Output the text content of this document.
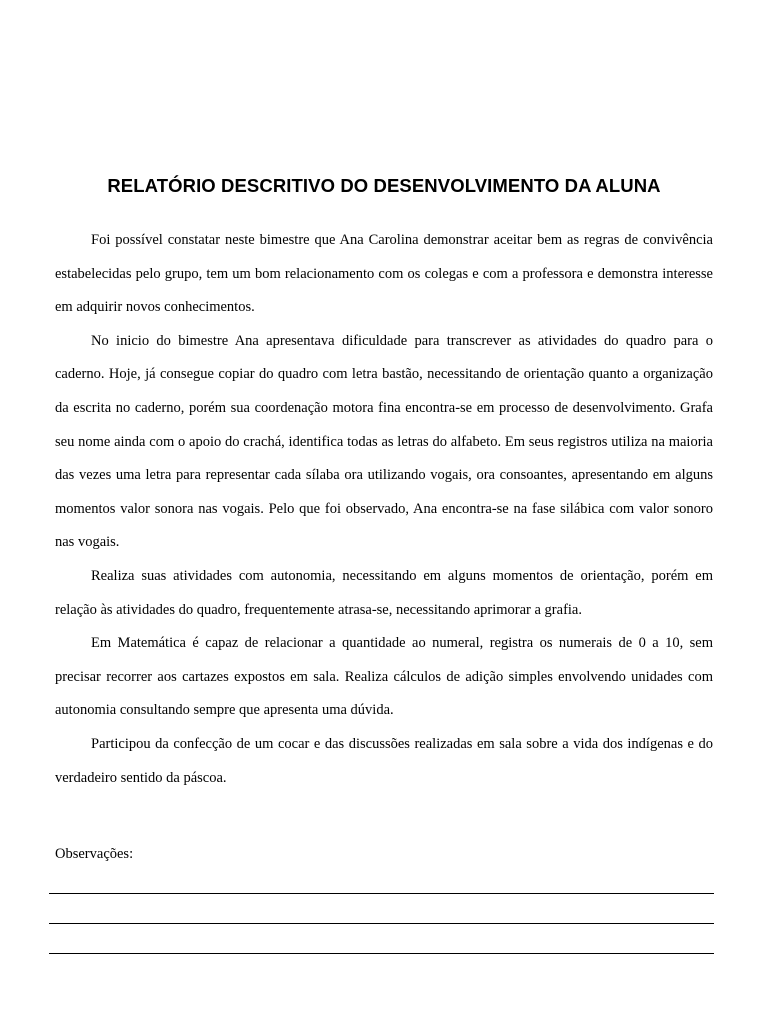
RELATÓRIO DESCRITIVO DO DESENVOLVIMENTO DA ALUNA

Foi possível constatar neste bimestre que Ana Carolina demonstrar aceitar bem as regras de convivência estabelecidas pelo grupo, tem um bom relacionamento com os colegas e com a professora e demonstra interesse em adquirir novos conhecimentos.

No inicio do bimestre Ana apresentava dificuldade para transcrever as atividades do quadro para o caderno. Hoje, já consegue copiar do quadro com letra bastão, necessitando de orientação quanto a organização da escrita no caderno, porém sua coordenação motora fina encontra-se em processo de desenvolvimento. Grafa seu nome ainda com o apoio do crachá, identifica todas as letras do alfabeto. Em seus registros utiliza na maioria das vezes uma letra para representar cada sílaba ora utilizando vogais, ora consoantes, apresentando em alguns momentos valor sonora nas vogais. Pelo que foi observado, Ana encontra-se na fase silábica com valor sonoro nas vogais.

Realiza suas atividades com autonomia, necessitando em alguns momentos de orientação, porém em relação às atividades do quadro, frequentemente atrasa-se, necessitando aprimorar a grafia.

Em Matemática é capaz de relacionar a quantidade ao numeral, registra os numerais de 0 a 10, sem precisar recorrer aos cartazes expostos em sala. Realiza cálculos de adição simples envolvendo unidades com autonomia consultando sempre que apresenta uma dúvida.

Participou da confecção de um cocar e das discussões realizadas em sala sobre a vida dos indígenas e do verdadeiro sentido da páscoa.

Observações:
